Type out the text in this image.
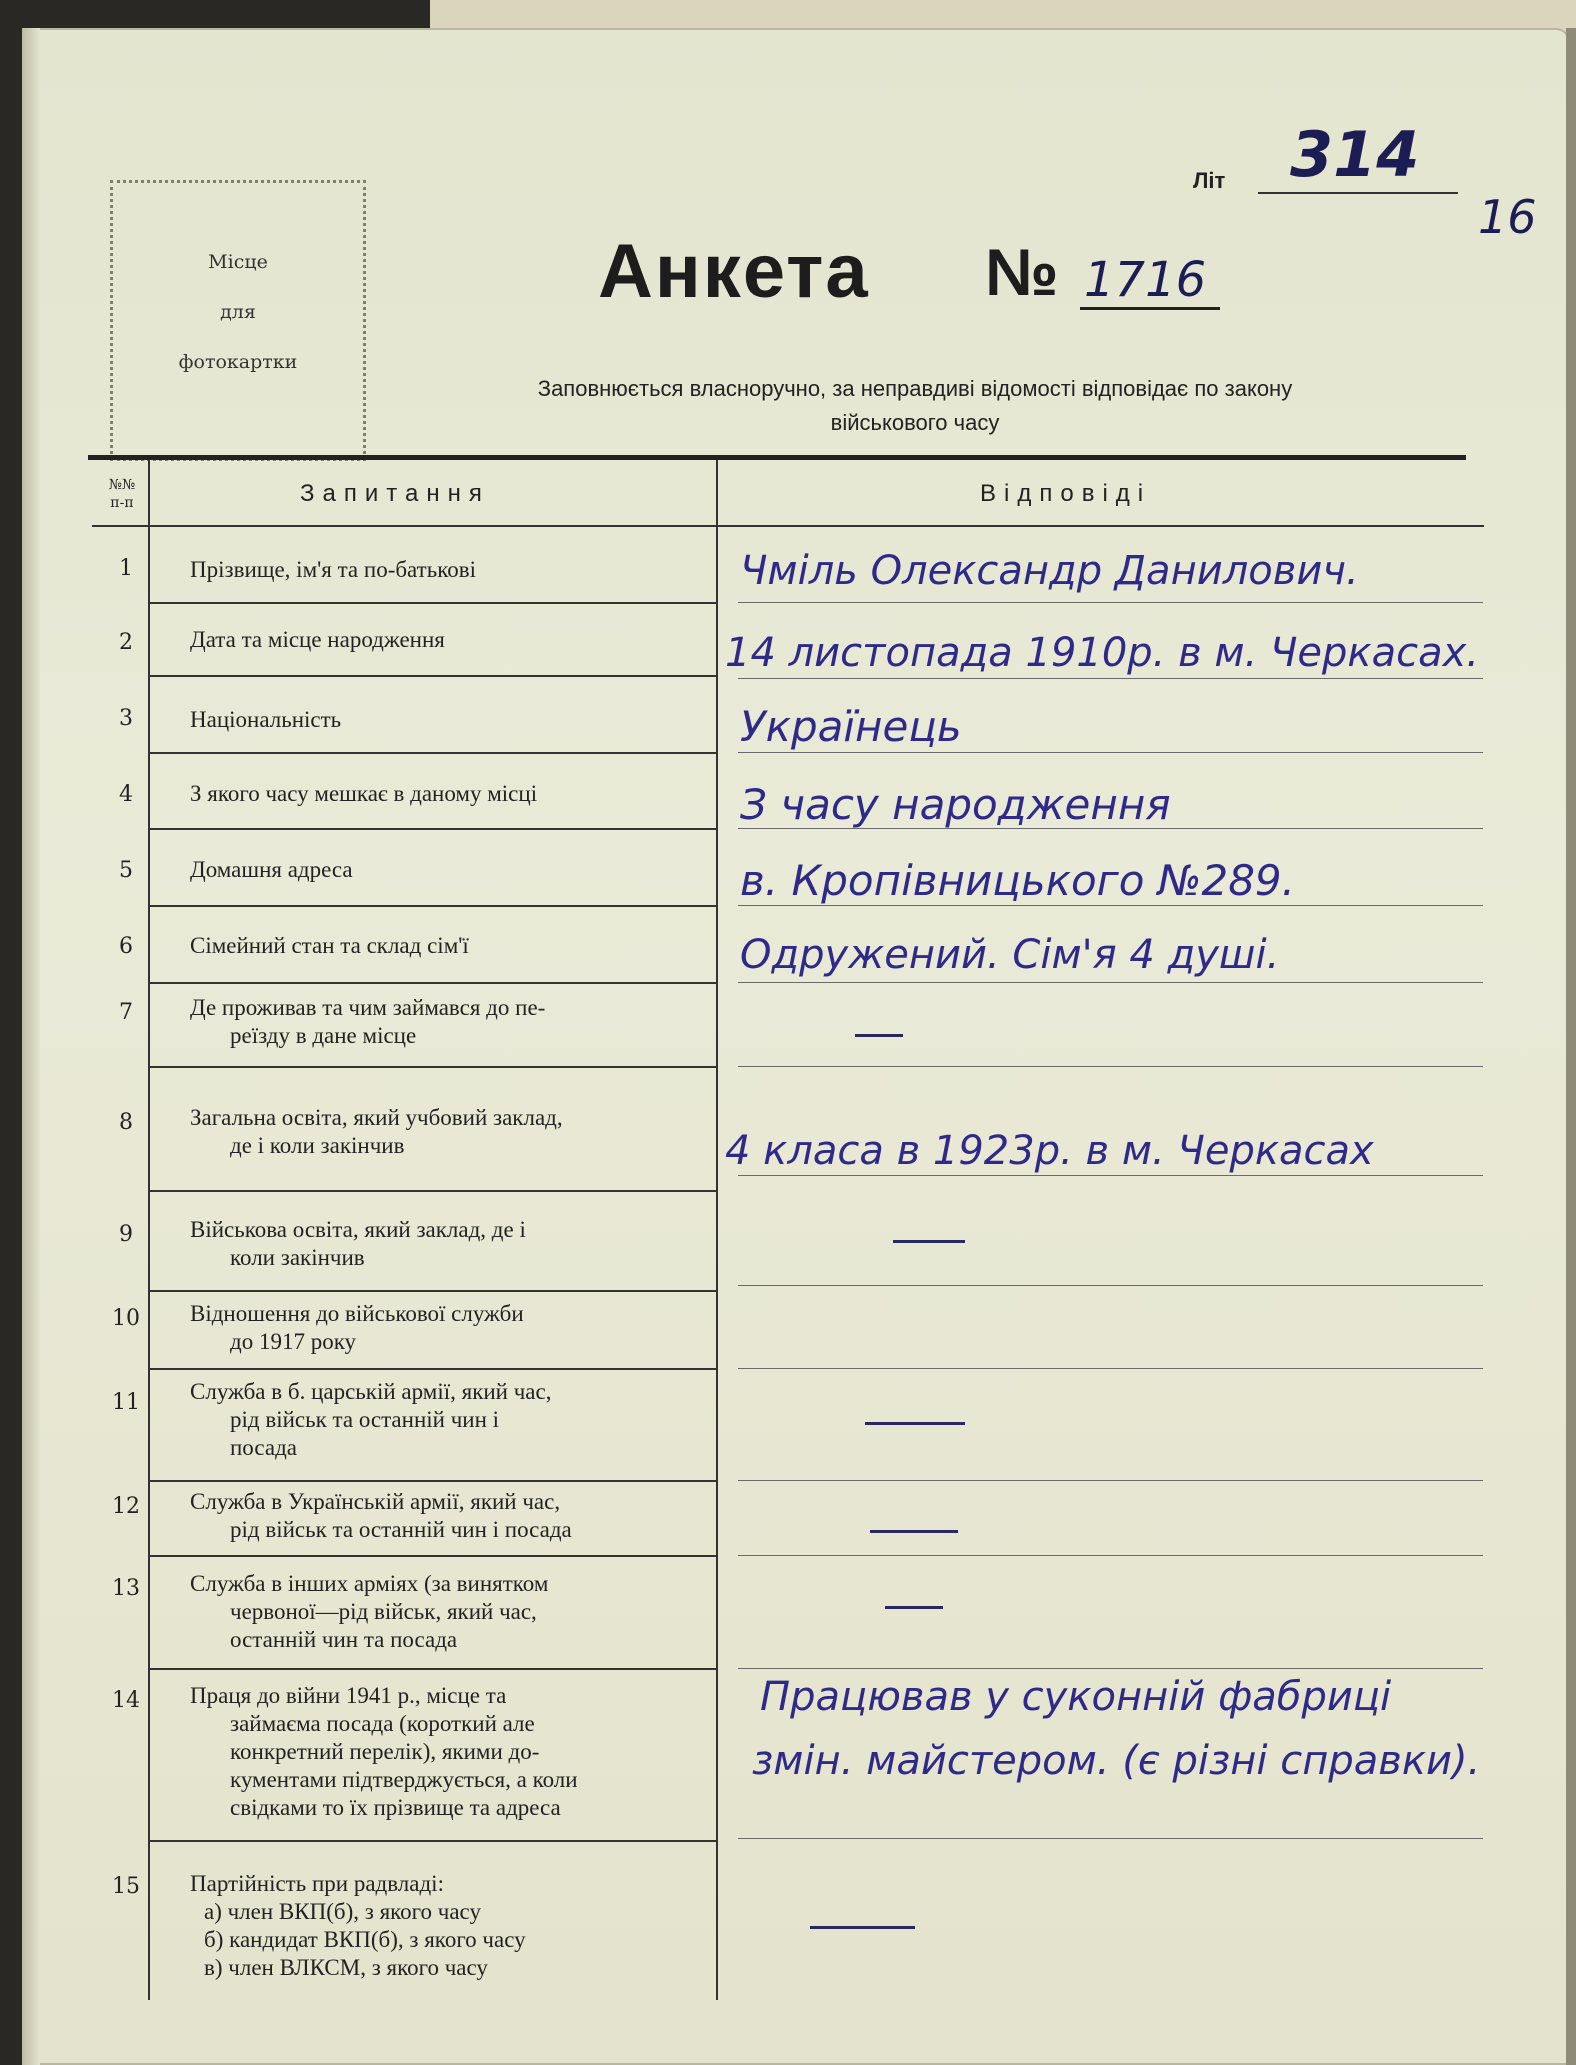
Місце
для
фотокартки
Літ 314
16
Анкета № 1716
Заповнюється власноручно, за неправдиві відомості відповідає по закону
військового часу
№№
п-п	Запитання	Відповіді
1
2
3
4
5
6
7
8
9
10
11
12
13
14
15
Прізвище, ім'я та по-батькові
Дата та місце народження
Національність
З якого часу мешкає в даному місці
Домашня адреса
Сімейний стан та склад сім'ї
Де проживав та чим займався до пе-
реїзду в дане місце
Загальна освіта, який учбовий заклад,
де і коли закінчив
Військова освіта, який заклад, де і
коли закінчив
Відношення до військової служби
до 1917 року
Служба в б. царській армії, який час,
рід військ та останній чин і
посада
Служба в Українській армії, який час,
рід військ та останній чин і посада
Служба в інших арміях (за винятком
червоної—рід військ, який час,
останній чин та посада
Праця до війни 1941 р., місце та
займаєма посада (короткий але
конкретний перелік), якими до-
кументами підтверджується, а коли
свідками то їх прізвище та адреса
Партійність при радвладі:
а) член ВКП(б), з якого часу
б) кандидат ВКП(б), з якого часу
в) член ВЛКСМ, з якого часу
Чміль Олександр Данилович.
14 листопада 1910р. в м. Черкасах.
Українець
З часу народження
в. Кропівницького №289.
Одружений. Сім'я 4 душі.
4 класа в 1923р. в м. Черкасах
Працював у суконній фабриці
змін. майстером. (є різні справки).
